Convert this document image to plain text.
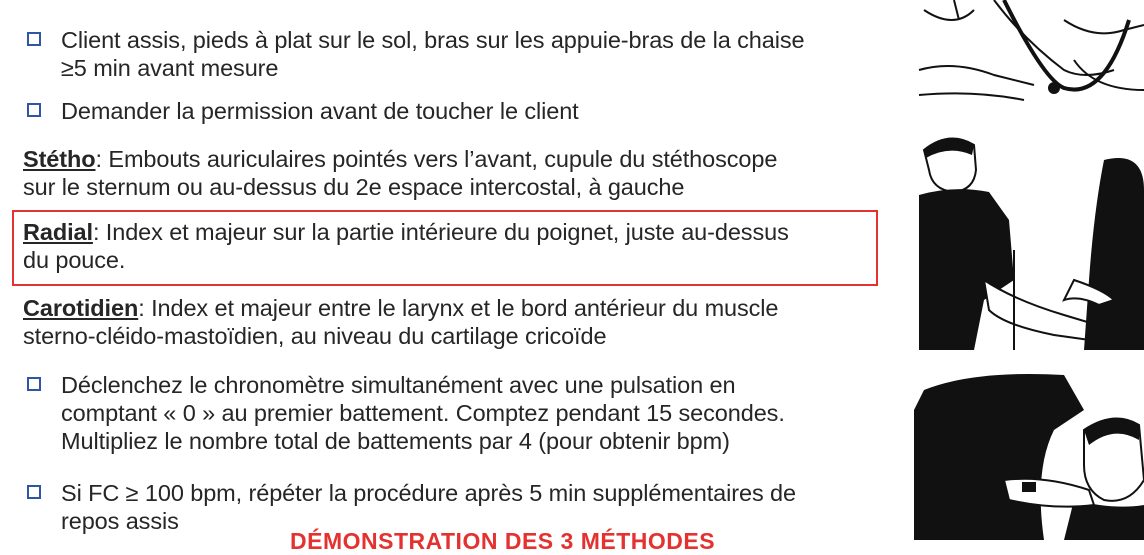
Client assis, pieds à plat sur le sol, bras sur les appuie-bras de la chaise
≥5 min avant mesure
Demander la permission avant de toucher le client
Stétho: Embouts auriculaires pointés vers l’avant, cupule du stéthoscope
sur le sternum ou au-dessus du 2e espace intercostal, à gauche
Radial: Index et majeur sur la partie intérieure du poignet, juste au-dessus
du pouce.
Carotidien: Index et majeur entre le larynx et le bord antérieur du muscle
sterno-cléido-mastoïdien, au niveau du cartilage cricoïde
Déclenchez le chronomètre simultanément avec une pulsation en
comptant « 0 » au premier battement. Comptez pendant 15 secondes.
Multipliez le nombre total de battements par 4 (pour obtenir bpm)
Si FC ≥ 100 bpm, répéter la procédure après 5 min supplémentaires de
repos assis
DÉMONSTRATION DES 3 MÉTHODES
